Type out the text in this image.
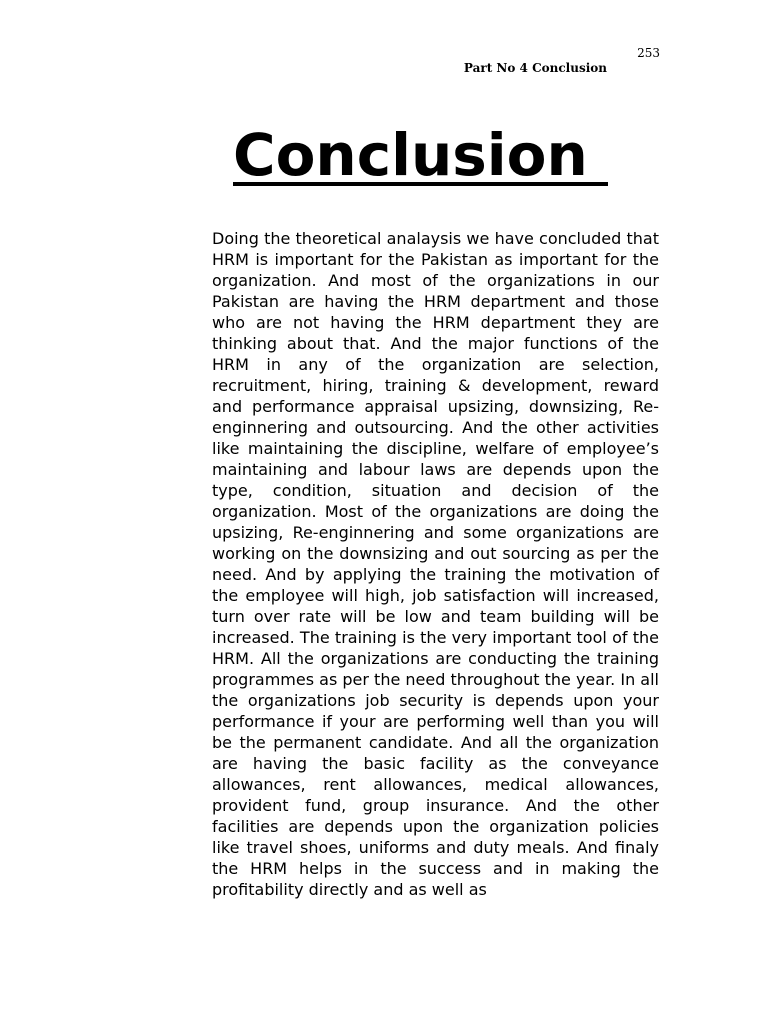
253
Part No 4 Conclusion
Conclusion

Doing the theoretical analaysis we have concluded that HRM is important for the Pakistan as important for the organization. And most of the organizations in our Pakistan are having the HRM department and those who are not having the HRM department they are thinking about that. And the major functions of the HRM in any of the organization are selection, recruitment, hiring, training & development, reward and performance appraisal upsizing, downsizing, Re-enginnering and outsourcing. And the other activities like maintaining the discipline, welfare of employee’s maintaining and labour laws are depends upon the type, condition, situation and decision of the organization. Most of the organizations are doing the upsizing, Re-enginnering and some organizations are working on the downsizing and out sourcing as per the need. And by applying the training the motivation of the employee will high, job satisfaction will increased, turn over rate will be low and team building will be increased. The training is the very important tool of the HRM. All the organizations are conducting the training programmes as per the need throughout the year. In all the organizations job security is depends upon your performance if your are performing well than you will be the permanent candidate. And all the organization are having the basic facility as the conveyance allowances, rent allowances, medical allowances, provident fund, group insurance. And the other facilities are depends upon the organization policies like travel shoes, uniforms and duty meals. And finaly the HRM helps in the success and in making the profitability directly and as well as
